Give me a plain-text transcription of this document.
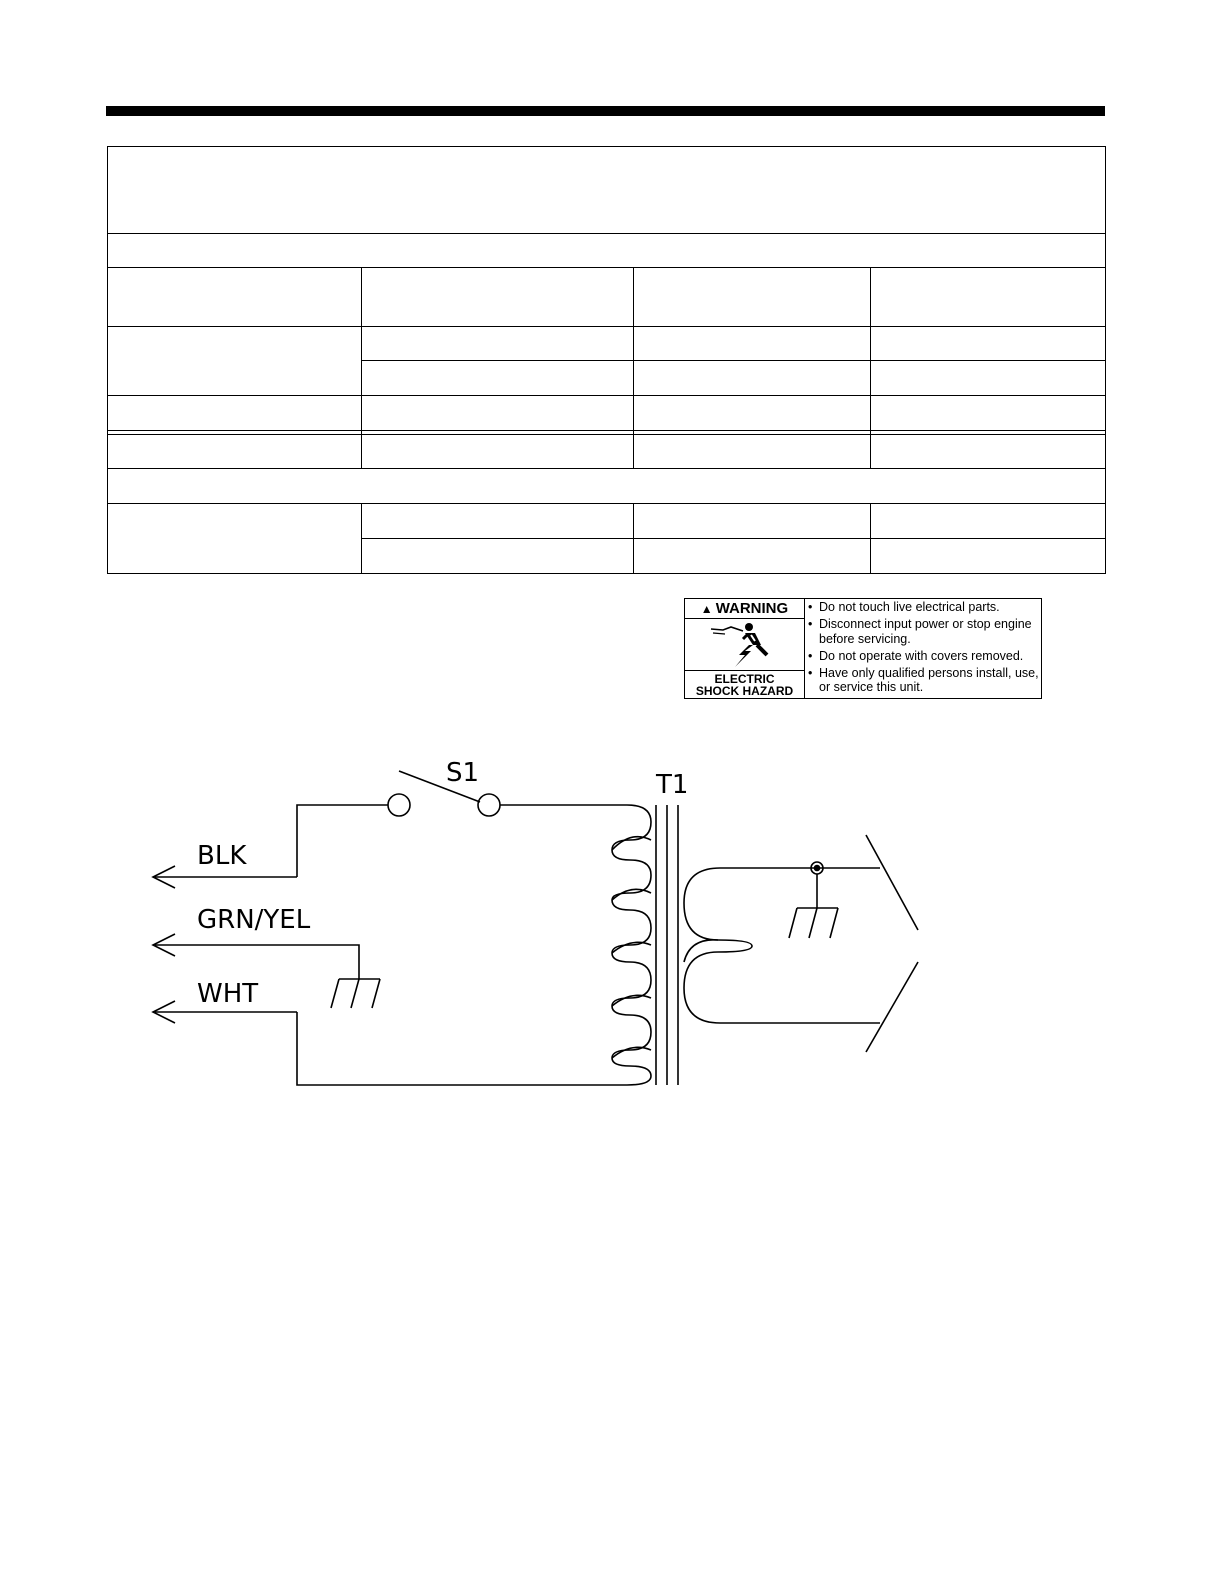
▲ WARNING
ELECTRIC
SHOCK HAZARD
• Do not touch live electrical parts.
• Disconnect input power or stop engine before servicing.
• Do not operate with covers removed.
• Have only qualified persons install, use, or service this unit.
BLK
GRN/YEL
WHT
S1	T1
